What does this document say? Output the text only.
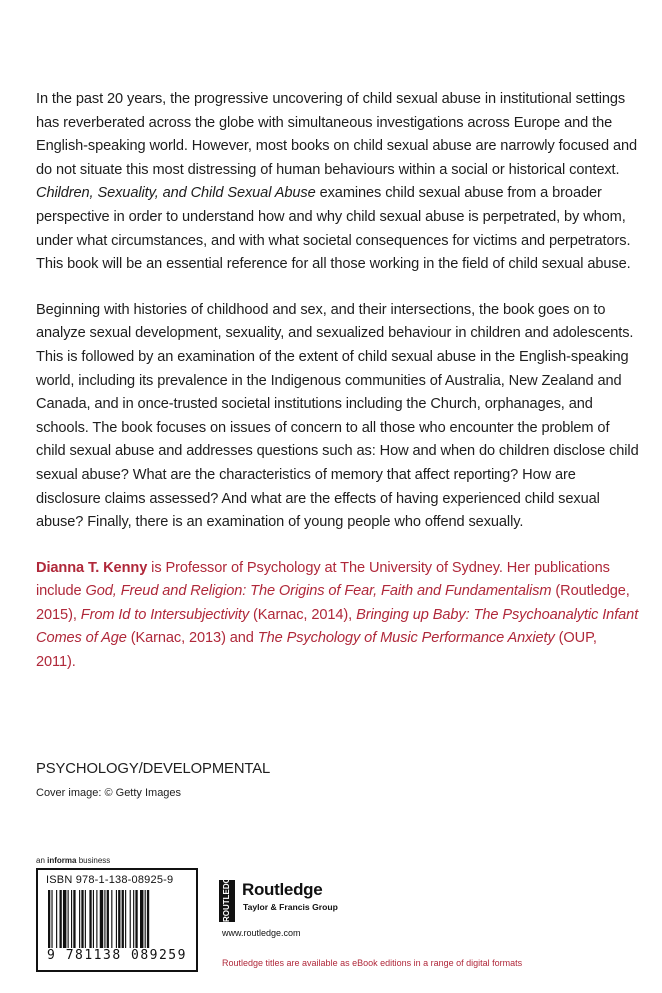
In the past 20 years, the progressive uncovering of child sexual abuse in institutional settings has reverberated across the globe with simultaneous investigations across Europe and the English-speaking world. However, most books on child sexual abuse are narrowly focused and do not situate this most distressing of human behaviours within a social or historical context. Children, Sexuality, and Child Sexual Abuse examines child sexual abuse from a broader perspective in order to understand how and why child sexual abuse is perpetrated, by whom, under what circumstances, and with what societal consequences for victims and perpetrators. This book will be an essential reference for all those working in the field of child sexual abuse.

Beginning with histories of childhood and sex, and their intersections, the book goes on to analyze sexual development, sexuality, and sexualized behaviour in children and adolescents. This is followed by an examination of the extent of child sexual abuse in the English-speaking world, including its prevalence in the Indigenous communities of Australia, New Zealand and Canada, and in once-trusted societal institutions including the Church, orphanages, and schools. The book focuses on issues of concern to all those who encounter the problem of child sexual abuse and addresses questions such as: How and when do children disclose child sexual abuse? What are the characteristics of memory that affect reporting? How are disclosure claims assessed? And what are the effects of having experienced child sexual abuse? Finally, there is an examination of young people who offend sexually.

Dianna T. Kenny is Professor of Psychology at The University of Sydney. Her publications include God, Freud and Religion: The Origins of Fear, Faith and Fundamentalism (Routledge, 2015), From Id to Intersubjectivity (Karnac, 2014), Bringing up Baby: The Psychoanalytic Infant Comes of Age (Karnac, 2013) and The Psychology of Music Performance Anxiety (OUP, 2011).

PSYCHOLOGY/DEVELOPMENTAL
Cover image: © Getty Images
an informa business
ISBN 978-1-138-08925-9
9 781138 089259
ROUTLEDGE Routledge
Taylor & Francis Group
www.routledge.com
Routledge titles are available as eBook editions in a range of digital formats
